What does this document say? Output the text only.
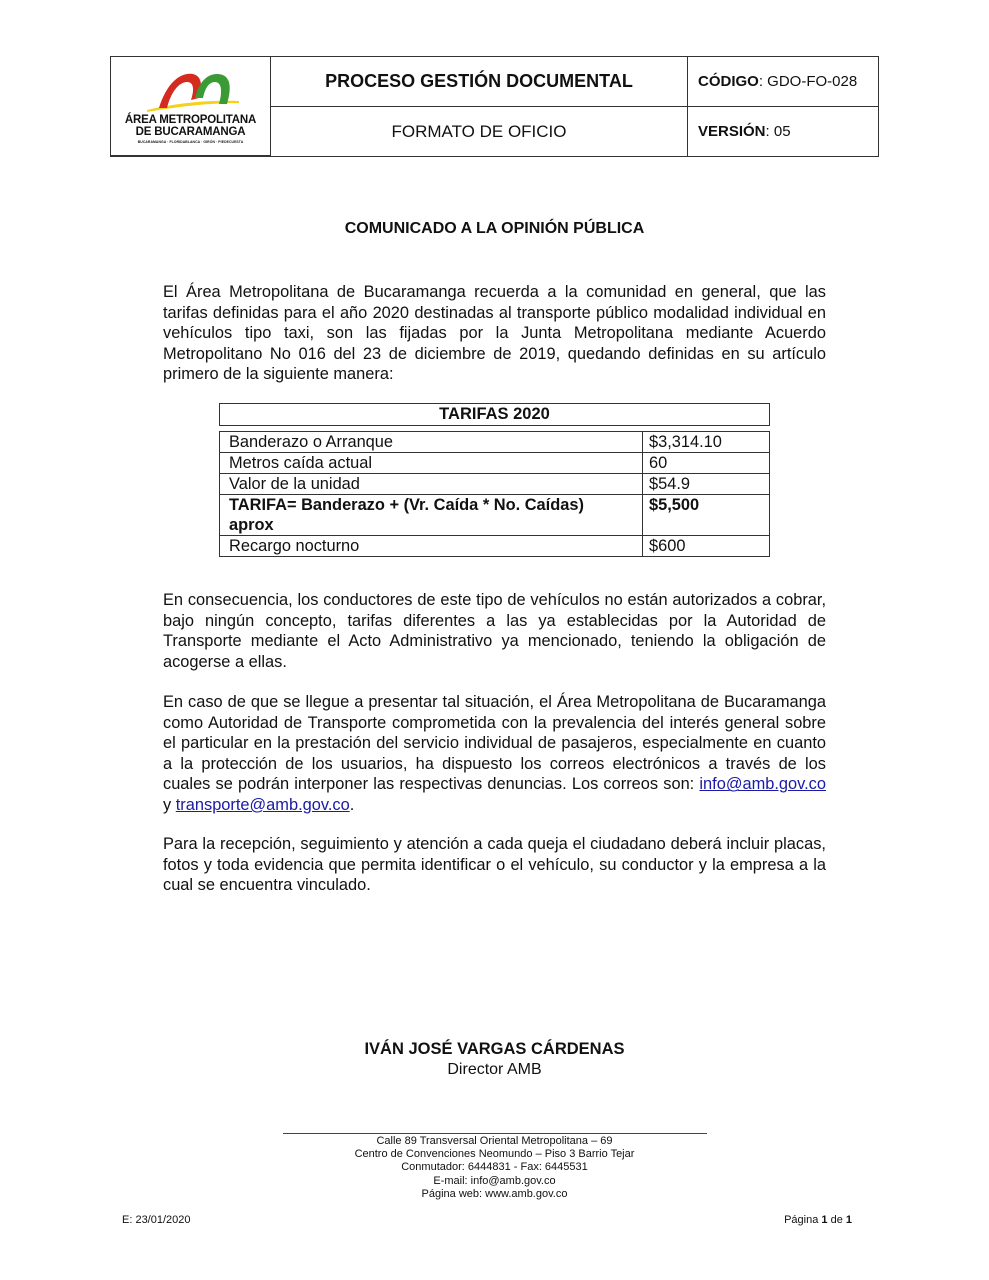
ÁREA METROPOLITANA
DE BUCARAMANGA
BUCARAMANGA · FLORIDABLANCA · GIRÓN · PIEDECUESTA
PROCESO GESTIÓN DOCUMENTAL	CÓDIGO : GDO-FO-028
FORMATO DE OFICIO	VERSIÓN : 05
COMUNICADO A LA OPINIÓN PÚBLICA
El Área Metropolitana de Bucaramanga recuerda a la comunidad en general, que las tarifas definidas para el año 2020 destinadas al transporte público modalidad individual en vehículos tipo taxi, son las fijadas por la Junta Metropolitana mediante Acuerdo Metropolitano No 016 del 23 de diciembre de 2019, quedando definidas en su artículo primero de la siguiente manera:
TARIFAS 2020
Banderazo o Arranque	$3,314.10
Metros caída actual	60
Valor de la unidad	$54.9
TARIFA= Banderazo + (Vr. Caída * No. Caídas) aprox	$5,500
Recargo nocturno	$600
En consecuencia, los conductores de este tipo de vehículos no están autorizados a cobrar, bajo ningún concepto, tarifas diferentes a las ya establecidas por la Autoridad de Transporte mediante el Acto Administrativo ya mencionado, teniendo la obligación de acogerse a ellas.
En caso de que se llegue a presentar tal situación, el Área Metropolitana de Bucaramanga como Autoridad de Transporte comprometida con la prevalencia del interés general sobre el particular en la prestación del servicio individual de pasajeros, especialmente en cuanto a la protección de los usuarios, ha dispuesto los correos electrónicos a través de los cuales se podrán interponer las respectivas denuncias. Los correos son: info@amb.gov.co y transporte@amb.gov.co.
Para la recepción, seguimiento y atención a cada queja el ciudadano deberá incluir placas, fotos y toda evidencia que permita identificar o el vehículo, su conductor y la empresa a la cual se encuentra vinculado.
IVÁN JOSÉ VARGAS CÁRDENAS
Director AMB
Calle 89 Transversal Oriental Metropolitana – 69
Centro de Convenciones Neomundo – Piso 3 Barrio Tejar
Conmutador: 6444831 - Fax: 6445531
E-mail: info@amb.gov.co
Página web: www.amb.gov.co
E: 23/01/2020	Página 1 de 1
